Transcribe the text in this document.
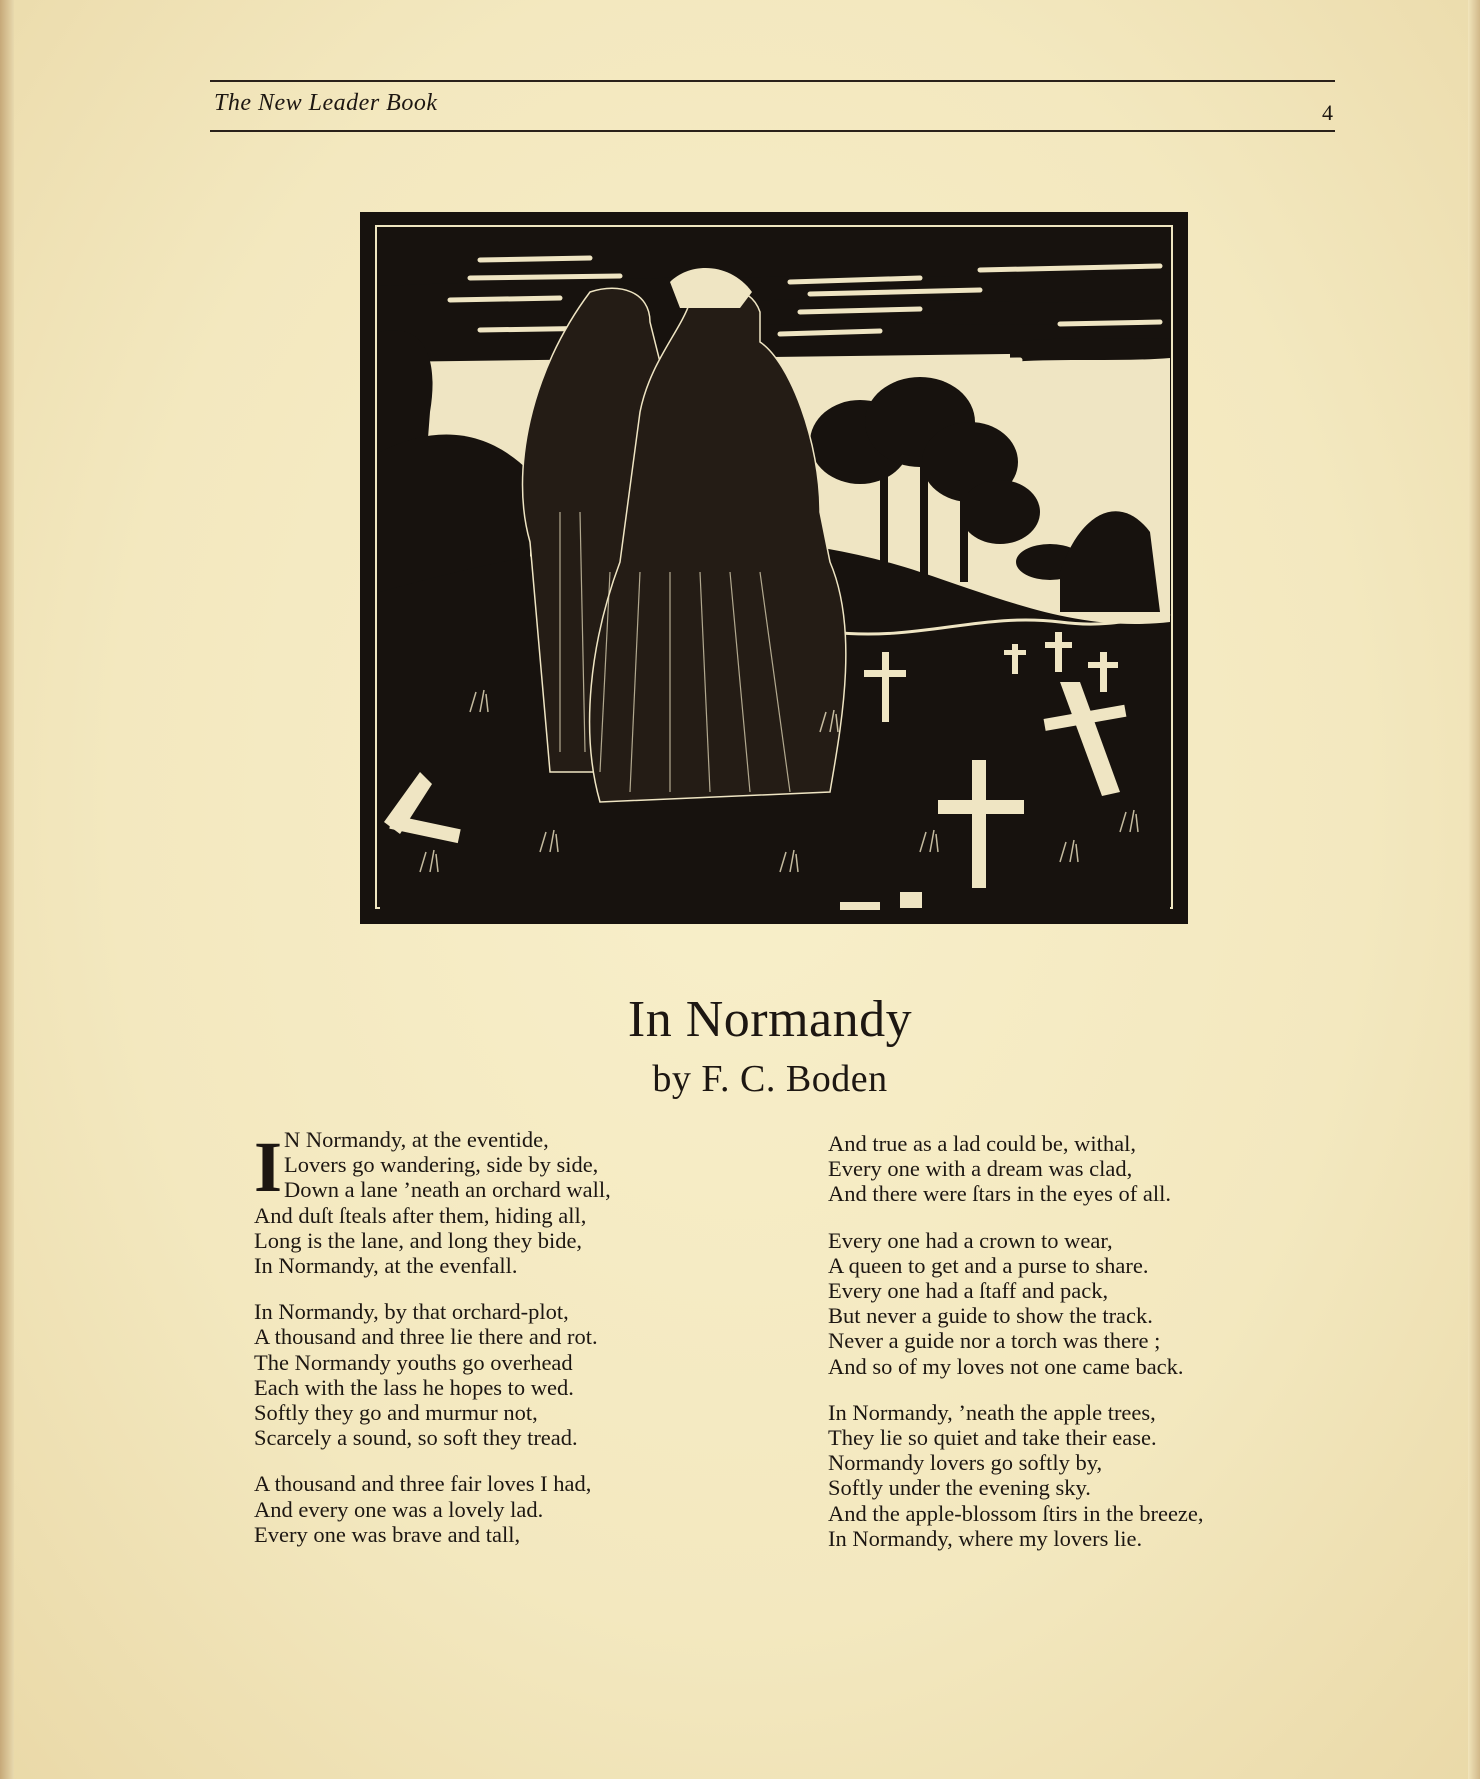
The New Leader Book	4
In Normandy
by F. C. Boden
I N Normandy, at the eventide,
Lovers go wandering, side by side,
Down a lane ’neath an orchard wall,
And duſt ſteals after them, hiding all,
Long is the lane, and long they bide,
In Normandy, at the evenfall.
In Normandy, by that orchard-plot,
A thousand and three lie there and rot.
The Normandy youths go overhead
Each with the lass he hopes to wed.
Softly they go and murmur not,
Scarcely a sound, so soft they tread.
A thousand and three fair loves I had,
And every one was a lovely lad.
Every one was brave and tall,
And true as a lad could be, withal,
Every one with a dream was clad,
And there were ſtars in the eyes of all.
Every one had a crown to wear,
A queen to get and a purse to share.
Every one had a ſtaff and pack,
But never a guide to show the track.
Never a guide nor a torch was there ;
And so of my loves not one came back.
In Normandy, ’neath the apple trees,
They lie so quiet and take their ease.
Normandy lovers go softly by,
Softly under the evening sky.
And the apple-blossom ſtirs in the breeze,
In Normandy, where my lovers lie.
